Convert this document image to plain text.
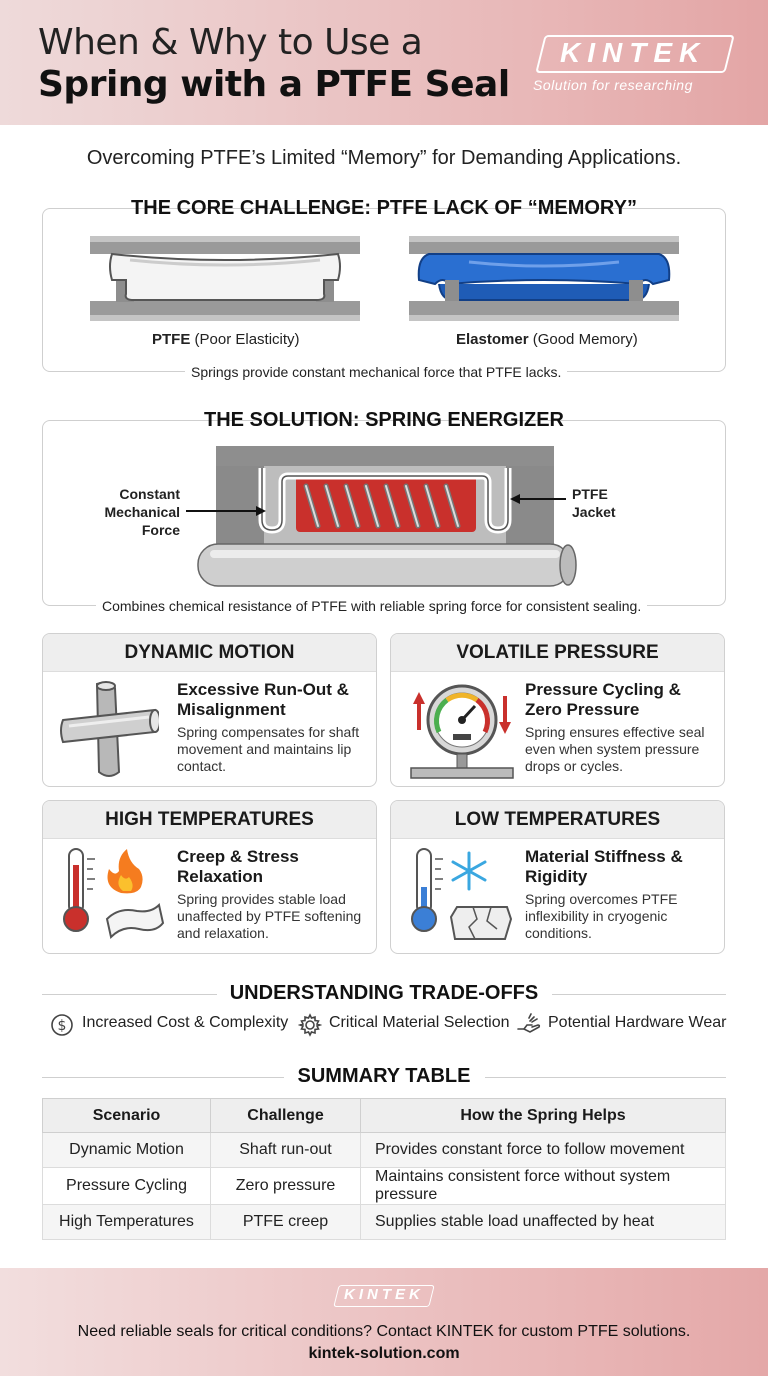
When & Why to Use a
Spring with a PTFE Seal
KINTEK
Solution for researching
Overcoming PTFE’s Limited “Memory” for Demanding Applications.
THE CORE CHALLENGE: PTFE LACK OF “MEMORY”
PTFE (Poor Elasticity)	Elastomer (Good Memory)
Springs provide constant mechanical force that PTFE lacks.
THE SOLUTION: SPRING ENERGIZER
Constant
Mechanical
Force
PTFE
Jacket
Combines chemical resistance of PTFE with reliable spring force for consistent sealing.
DYNAMIC MOTION
Excessive Run-Out & Misalignment
Spring compensates for shaft movement and maintains lip contact.
VOLATILE PRESSURE
Pressure Cycling & Zero Pressure
Spring ensures effective seal even when system pressure drops or cycles.
HIGH TEMPERATURES
Creep & Stress Relaxation
Spring provides stable load unaffected by PTFE softening and relaxation.
LOW TEMPERATURES
Material Stiffness & Rigidity
Spring overcomes PTFE inflexibility in cryogenic conditions.
UNDERSTANDING TRADE-OFFS
$ Increased Cost & Complexity	Critical Material Selection Potential Hardware Wear
SUMMARY TABLE
Scenario	Challenge	How the Spring Helps
Dynamic Motion	Shaft run-out	Provides constant force to follow movement
Pressure Cycling	Zero pressure	Maintains consistent force without system pressure
High Temperatures	PTFE creep	Supplies stable load unaffected by heat
KINTEK
Need reliable seals for critical conditions? Contact KINTEK for custom PTFE solutions.
kintek-solution.com
